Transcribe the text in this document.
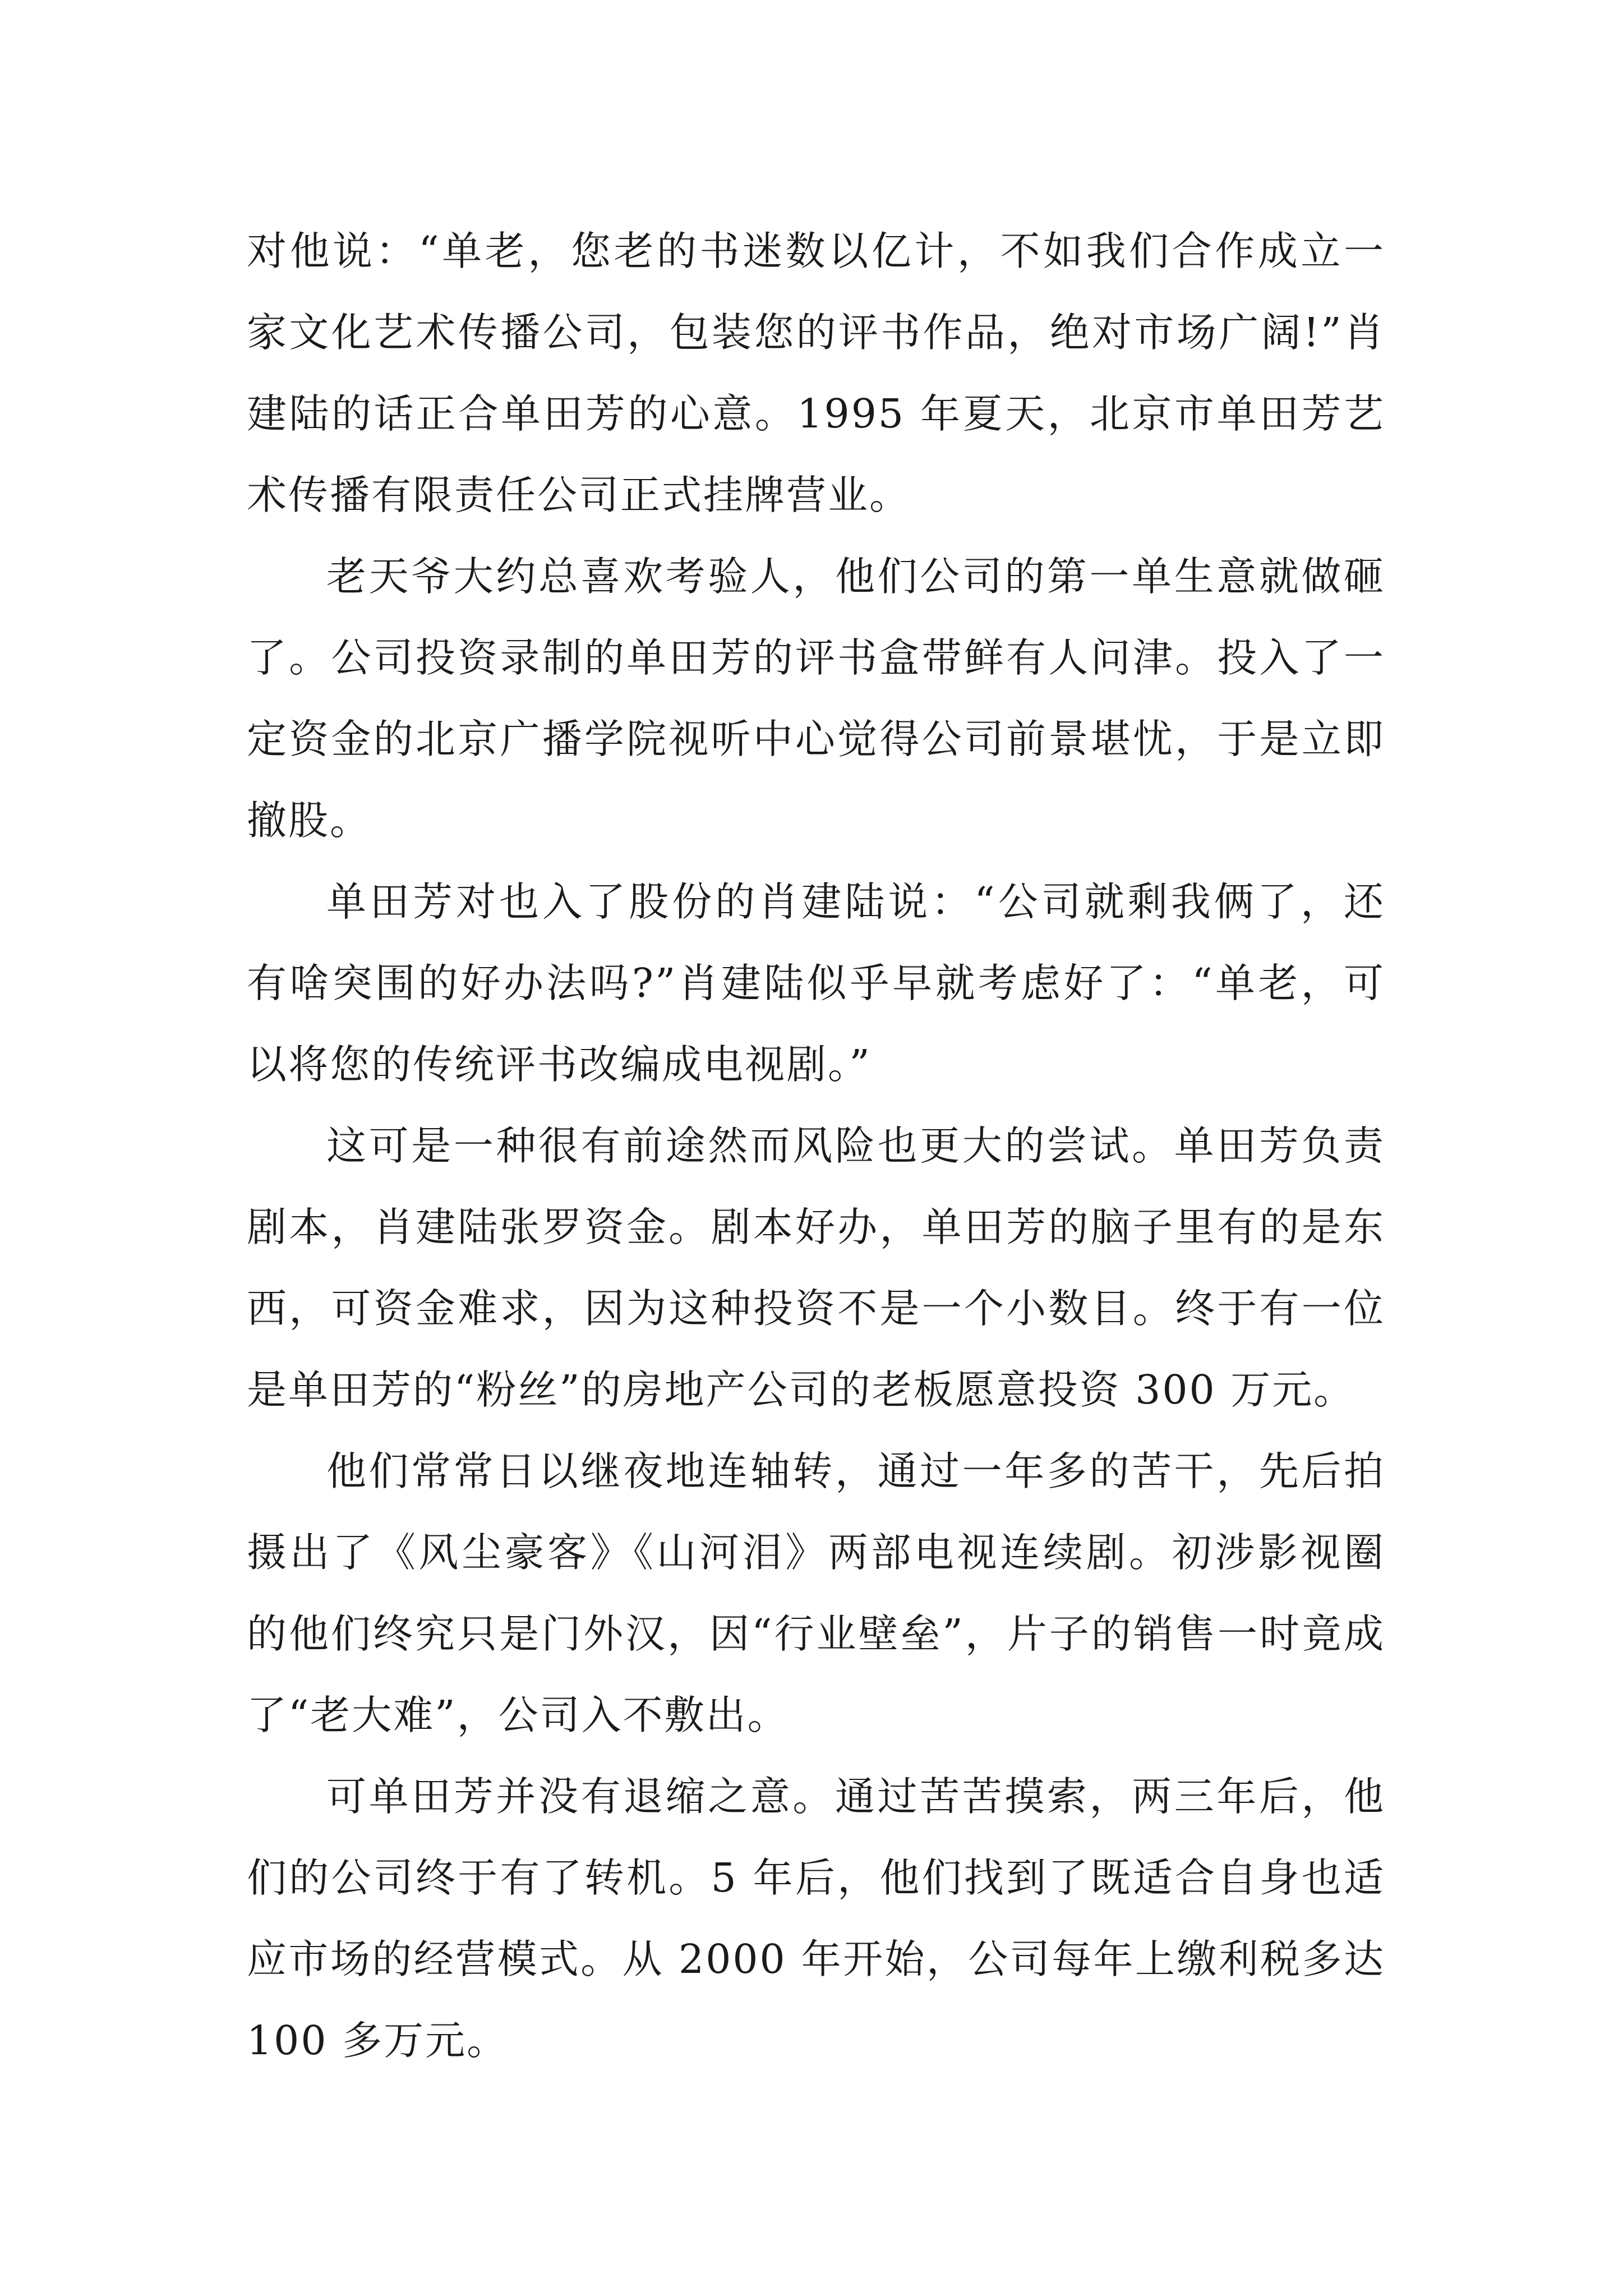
对他说：“单老，您老的书迷数以亿计，不如我们合作成立一家文化艺术传播公司，包装您的评书作品，绝对市场广阔!”肖建陆的话正合单田芳的心意。1995 年夏天，北京市单田芳艺术传播有限责任公司正式挂牌营业。

老天爷大约总喜欢考验人，他们公司的第一单生意就做砸了。公司投资录制的单田芳的评书盒带鲜有人问津。投入了一定资金的北京广播学院视听中心觉得公司前景堪忧，于是立即撤股。

单田芳对也入了股份的肖建陆说：“公司就剩我俩了，还有啥突围的好办法吗?”肖建陆似乎早就考虑好了：“单老，可以将您的传统评书改编成电视剧。”

这可是一种很有前途然而风险也更大的尝试。单田芳负责剧本，肖建陆张罗资金。剧本好办，单田芳的脑子里有的是东西，可资金难求，因为这种投资不是一个小数目。终于有一位是单田芳的“粉丝”的房地产公司的老板愿意投资 300 万元。

他们常常日以继夜地连轴转，通过一年多的苦干，先后拍摄出了《风尘豪客》《山河泪》两部电视连续剧。初涉影视圈的他们终究只是门外汉，因“行业壁垒”，片子的销售一时竟成了“老大难”，公司入不敷出。

可单田芳并没有退缩之意。通过苦苦摸索，两三年后，他们的公司终于有了转机。5 年后，他们找到了既适合自身也适应市场的经营模式。从 2000 年开始，公司每年上缴利税多达 100 多万元。
